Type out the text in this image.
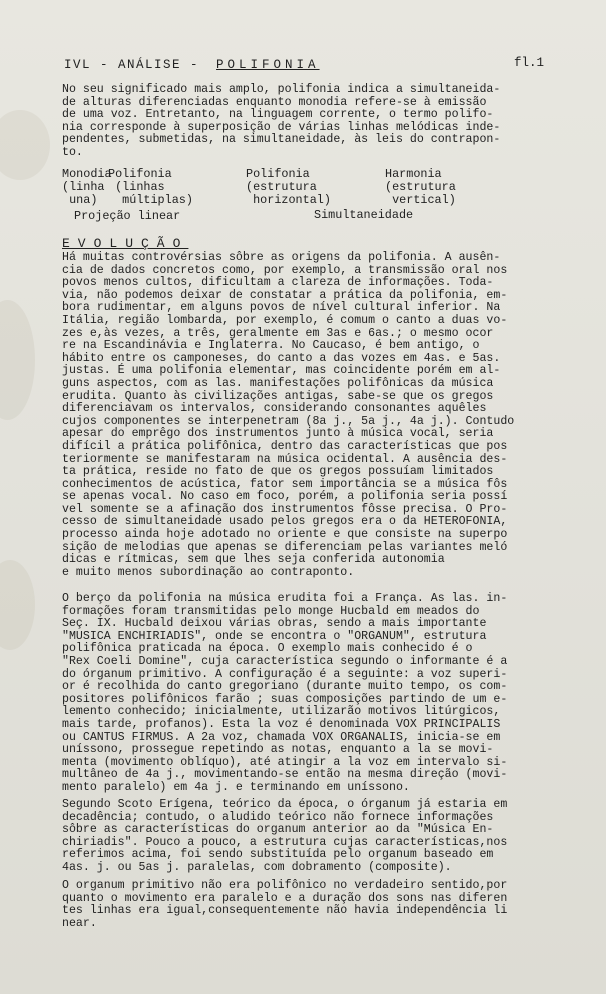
IVL - ANÁLISE - POLIFONIA	fl.1

No seu significado mais amplo, polifonia indica a simultaneida-
de alturas diferenciadas enquanto monodia refere-se à emissão
de uma voz. Entretanto, na linguagem corrente, o termo polifo-
nia corresponde à superposição de várias linhas melódicas inde-
pendentes, submetidas, na simultaneidade, às leis do contrapon-
to.

Monodia
(linha
una)
Polifonia
(linhas
múltiplas)
Polifonia
(estrutura
horizontal)
Harmonia
(estrutura
vertical)
Projeção linear	Simultaneidade
EVOLUÇÃO

Há muitas controvérsias sôbre as origens da polifonia. A ausên-
cia de dados concretos como, por exemplo, a transmissão oral nos
povos menos cultos, dificultam a clareza de informações. Toda-
via, não podemos deixar de constatar a prática da polifonia, em-
bora rudimentar, em alguns povos de nível cultural inferior. Na
Itália, região lombarda, por exemplo, é comum o canto a duas vo-
zes e,às vezes, a três, geralmente em 3as e 6as.; o mesmo ocor
re na Escandinávia e Inglaterra. No Caucaso, é bem antigo, o
hábito entre os camponeses, do canto a das vozes em 4as. e 5as.
justas. É uma polifonia elementar, mas coincidente porém em al-
guns aspectos, com as las. manifestações polifônicas da música
erudita. Quanto às civilizações antigas, sabe-se que os gregos
diferenciavam os intervalos, considerando consonantes aquêles
cujos componentes se interpenetram (8a j., 5a j., 4a j.). Contudo
apesar do emprêgo dos instrumentos junto à música vocal, seria
difícil a prática polifônica, dentro das características que pos
teriormente se manifestaram na música ocidental. A ausência des-
ta prática, reside no fato de que os gregos possuíam limitados
conhecimentos de acústica, fator sem importância se a música fôs
se apenas vocal. No caso em foco, porém, a polifonia seria possí
vel somente se a afinação dos instrumentos fôsse precisa. O Pro-
cesso de simultaneidade usado pelos gregos era o da HETEROFONIA,
processo ainda hoje adotado no oriente e que consiste na superpo
sição de melodias que apenas se diferenciam pelas variantes meló
dicas e rítmicas, sem que lhes seja conferida autonomia
e muito menos subordinação ao contraponto.

O berço da polifonia na música erudita foi a França. As las. in-
formações foram transmitidas pelo monge Hucbald em meados do
Seç. IX. Hucbald deixou várias obras, sendo a mais importante
"MUSICA ENCHIRIADIS", onde se encontra o "ORGANUM", estrutura
polifônica praticada na época. O exemplo mais conhecido é o
"Rex Coeli Domine", cuja característica segundo o informante é a
do órganum primitivo. A configuração é a seguinte: a voz superi-
or é recolhida do canto gregoriano (durante muito tempo, os com-
positores polifônicos farão ; suas composições partindo de um e-
lemento conhecido; inicialmente, utilizarão motivos litúrgicos,
mais tarde, profanos). Esta la voz é denominada VOX PRINCIPALIS
ou CANTUS FIRMUS. A 2a voz, chamada VOX ORGANALIS, inicia-se em
uníssono, prossegue repetindo as notas, enquanto a la se movi-
menta (movimento oblíquo), até atingir a la voz em intervalo si-
multâneo de 4a j., movimentando-se então na mesma direção (movi-
mento paralelo) em 4a j. e terminando em uníssono.

Segundo Scoto Erígena, teórico da época, o órganum já estaria em
decadência; contudo, o aludido teórico não fornece informações
sôbre as características do organum anterior ao da "Música En-
chiriadis". Pouco a pouco, a estrutura cujas características,nos
referimos acima, foi sendo substituída pelo organum baseado em
4as. j. ou 5as j. paralelas, com dobramento (composite).

O organum primitivo não era polifônico no verdadeiro sentido,por
quanto o movimento era paralelo e a duração dos sons nas diferen
tes linhas era igual,consequentemente não havia independência li
near.
